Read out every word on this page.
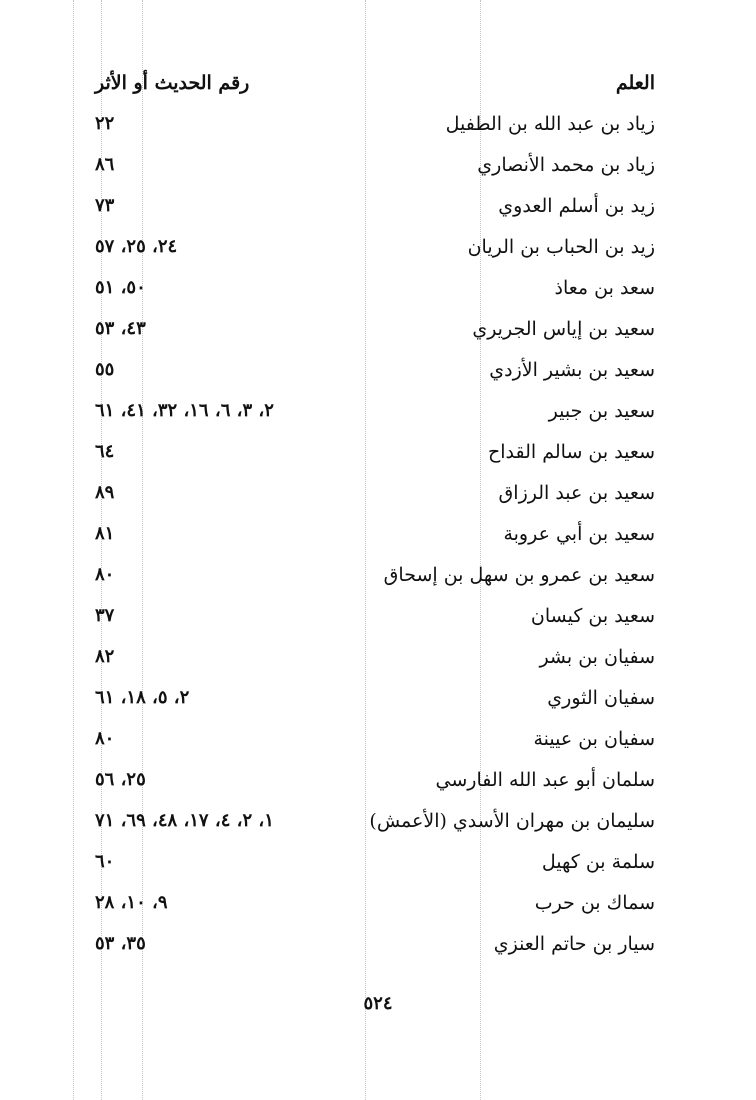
العلم
رقم الحديث أو الأثر
زياد بن عبد الله بن الطفيل
٢٢
زياد بن محمد الأنصاري
٨٦
زيد بن أسلم العدوي
٧٣
زيد بن الحباب بن الريان
٢٤، ٢٥، ٥٧
سعد بن معاذ
٥٠، ٥١
سعيد بن إياس الجريري
٤٣، ٥٣
سعيد بن بشير الأزدي
٥٥
سعيد بن جبير
٢، ٣، ٦، ١٦، ٣٢، ٤١، ٦١
سعيد بن سالم القداح
٦٤
سعيد بن عبد الرزاق
٨٩
سعيد بن أبي عروبة
٨١
سعيد بن عمرو بن سهل بن إسحاق
٨٠
سعيد بن كيسان
٣٧
سفيان بن بشر
٨٢
سفيان الثوري
٢، ٥، ١٨، ٦١
سفيان بن عيينة
٨٠
سلمان أبو عبد الله الفارسي
٢٥، ٥٦
سليمان بن مهران الأسدي (الأعمش)
١، ٢، ٤، ١٧، ٤٨، ٦٩، ٧١
سلمة بن كهيل
٦٠
سماك بن حرب
٩، ١٠، ٢٨
سيار بن حاتم العنزي
٣٥، ٥٣
٥٢٤
